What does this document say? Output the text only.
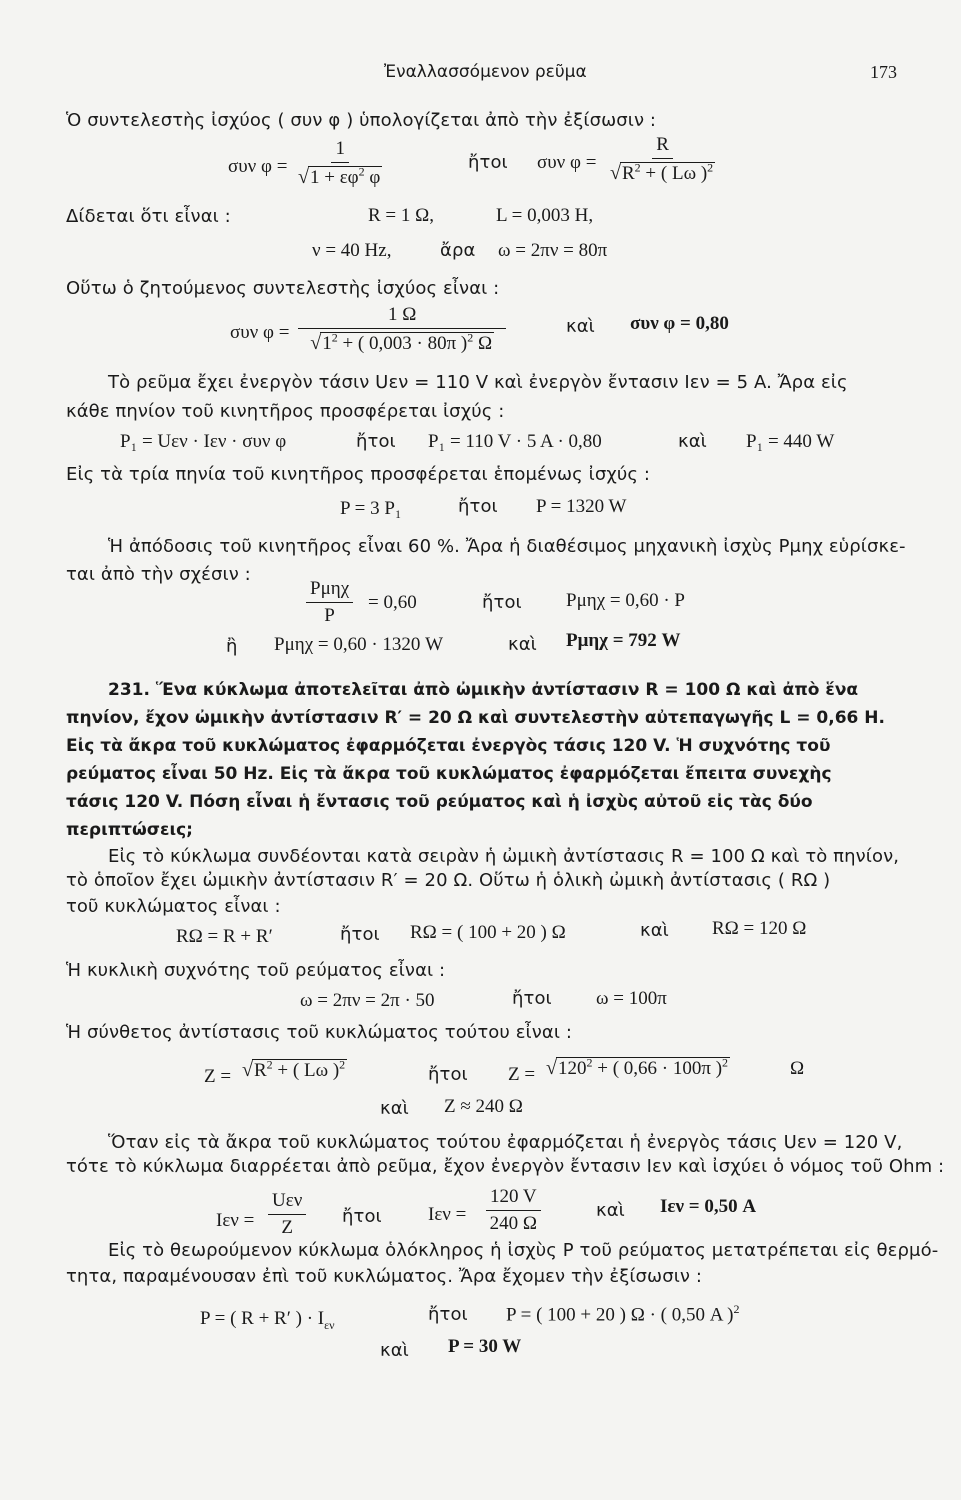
Ἐναλλασσόμενον ρεῦμα	173
Ὁ συντελεστὴς ἰσχύος ( συν φ ) ὑπολογίζεται ἀπὸ τὴν ἐξίσωσιν :
συν $\varphi = \frac{1}{√1 + \varepsilon\varphi^2 \varphi}$	ἤτοι συν $\varphi = \frac{R}{√R^2 + ( L\omega )^2}$
Δίδεται ὅτι εἶναι :	R = 1 Ω,	L = 0,003 H,
ν = 40 Hz,	ἄρα ω = 2πν = 80π
Οὕτω ὁ ζητούμενος συντελεστὴς ἰσχύος εἶναι :
συν $\varphi = \frac{1 \Omega}{√1^2 + ( 0,003 \cdot 80\pi )^2 \Omega}$	καὶ συν φ = 0,80
Τὸ ρεῦμα ἔχει ἐνεργὸν τάσιν Uεν = 110 V καὶ ἐνεργὸν ἔντασιν Iεν = 5 A. Ἄρα εἰς
κάθε πηνίον τοῦ κινητῆρος προσφέρεται ἰσχύς :
P₁ = Uεν · Iεν · συν φ	ἤτοι P₁ = 110 V · 5 A · 0,80	καὶ P₁ = 440 W
Εἰς τὰ τρία πηνία τοῦ κινητῆρος προσφέρεται ἑπομένως ἰσχύς :
P = 3 P₁	ἤτοι P = 1320 W
Ἡ ἀπόδοσις τοῦ κινητῆρος εἶναι 60 %. Ἄρα ἡ διαθέσιμος μηχανικὴ ἰσχὺς Pμηχ εὑρίσκε-
ται ἀπὸ τὴν σχέσιν :
Pμηχ
P
= 0,60	ἤτοι Pμηχ = 0,60 · P
ἢ Pμηχ = 0,60 · 1320 W	καὶ Pμηχ = 792 W
231. Ἕνα κύκλωμα ἀποτελεῖται ἀπὸ ὠμικὴν ἀντίστασιν R = 100 Ω καὶ ἀπὸ ἕνα
πηνίον, ἔχον ὠμικὴν ἀντίστασιν R′ = 20 Ω καὶ συντελεστὴν αὐτεπαγωγῆς L = 0,66 H.
Εἰς τὰ ἄκρα τοῦ κυκλώματος ἐφαρμόζεται ἐνεργὸς τάσις 120 V. Ἡ συχνότης τοῦ
ρεύματος εἶναι 50 Hz. Εἰς τὰ ἄκρα τοῦ κυκλώματος ἐφαρμόζεται ἔπειτα συνεχὴς
τάσις 120 V. Πόση εἶναι ἡ ἔντασις τοῦ ρεύματος καὶ ἡ ἰσχὺς αὐτοῦ εἰς τὰς δύο
περιπτώσεις;
Εἰς τὸ κύκλωμα συνδέονται κατὰ σειρὰν ἡ ὠμικὴ ἀντίστασις R = 100 Ω καὶ τὸ πηνίον,
τὸ ὁποῖον ἔχει ὠμικὴν ἀντίστασιν R′ = 20 Ω. Οὕτω ἡ ὁλικὴ ὠμικὴ ἀντίστασις ( RΩ )
τοῦ κυκλώματος εἶναι :
RΩ = R + R′	ἤτοι RΩ = ( 100 + 20 ) Ω	καὶ RΩ = 120 Ω
Ἡ κυκλικὴ συχνότης τοῦ ρεύματος εἶναι :
ω = 2πν = 2π · 50	ἤτοι ω = 100π
Ἡ σύνθετος ἀντίστασις τοῦ κυκλώματος τούτου εἶναι :
$Z = √R^2$ + ( Lω )$^2$	ἤτοι $Z = √120^2$ + ( 0,66 · 100π )$^2$	Ω
καὶ Z ≈ 240 Ω
Ὅταν εἰς τὰ ἄκρα τοῦ κυκλώματος τούτου ἐφαρμόζεται ἡ ἐνεργὸς τάσις Uεν = 120 V,
τότε τὸ κύκλωμα διαρρέεται ἀπὸ ρεῦμα, ἔχον ἐνεργὸν ἔντασιν Iεν καὶ ἰσχύει ὁ νόμος τοῦ Ohm :
Iεν =
Uεν
Z
ἤτοι $I\varepsilon\nu = \frac{120 V}{240 \Omega}$	καὶ Iεν = 0,50 A
Εἰς τὸ θεωρούμενον κύκλωμα ὁλόκληρος ἡ ἰσχὺς P τοῦ ρεύματος μετατρέπεται εἰς θερμό-
τητα, παραμένουσαν ἐπὶ τοῦ κυκλώματος. Ἄρα ἔχομεν τὴν ἐξίσωσιν :
P = ( R + R′ ) · $I_{\varepsilon\nu}$	ἤτοι P = ( 100 + 20 ) Ω · ( 0,50 A )$^2$
καὶ P = 30 W
